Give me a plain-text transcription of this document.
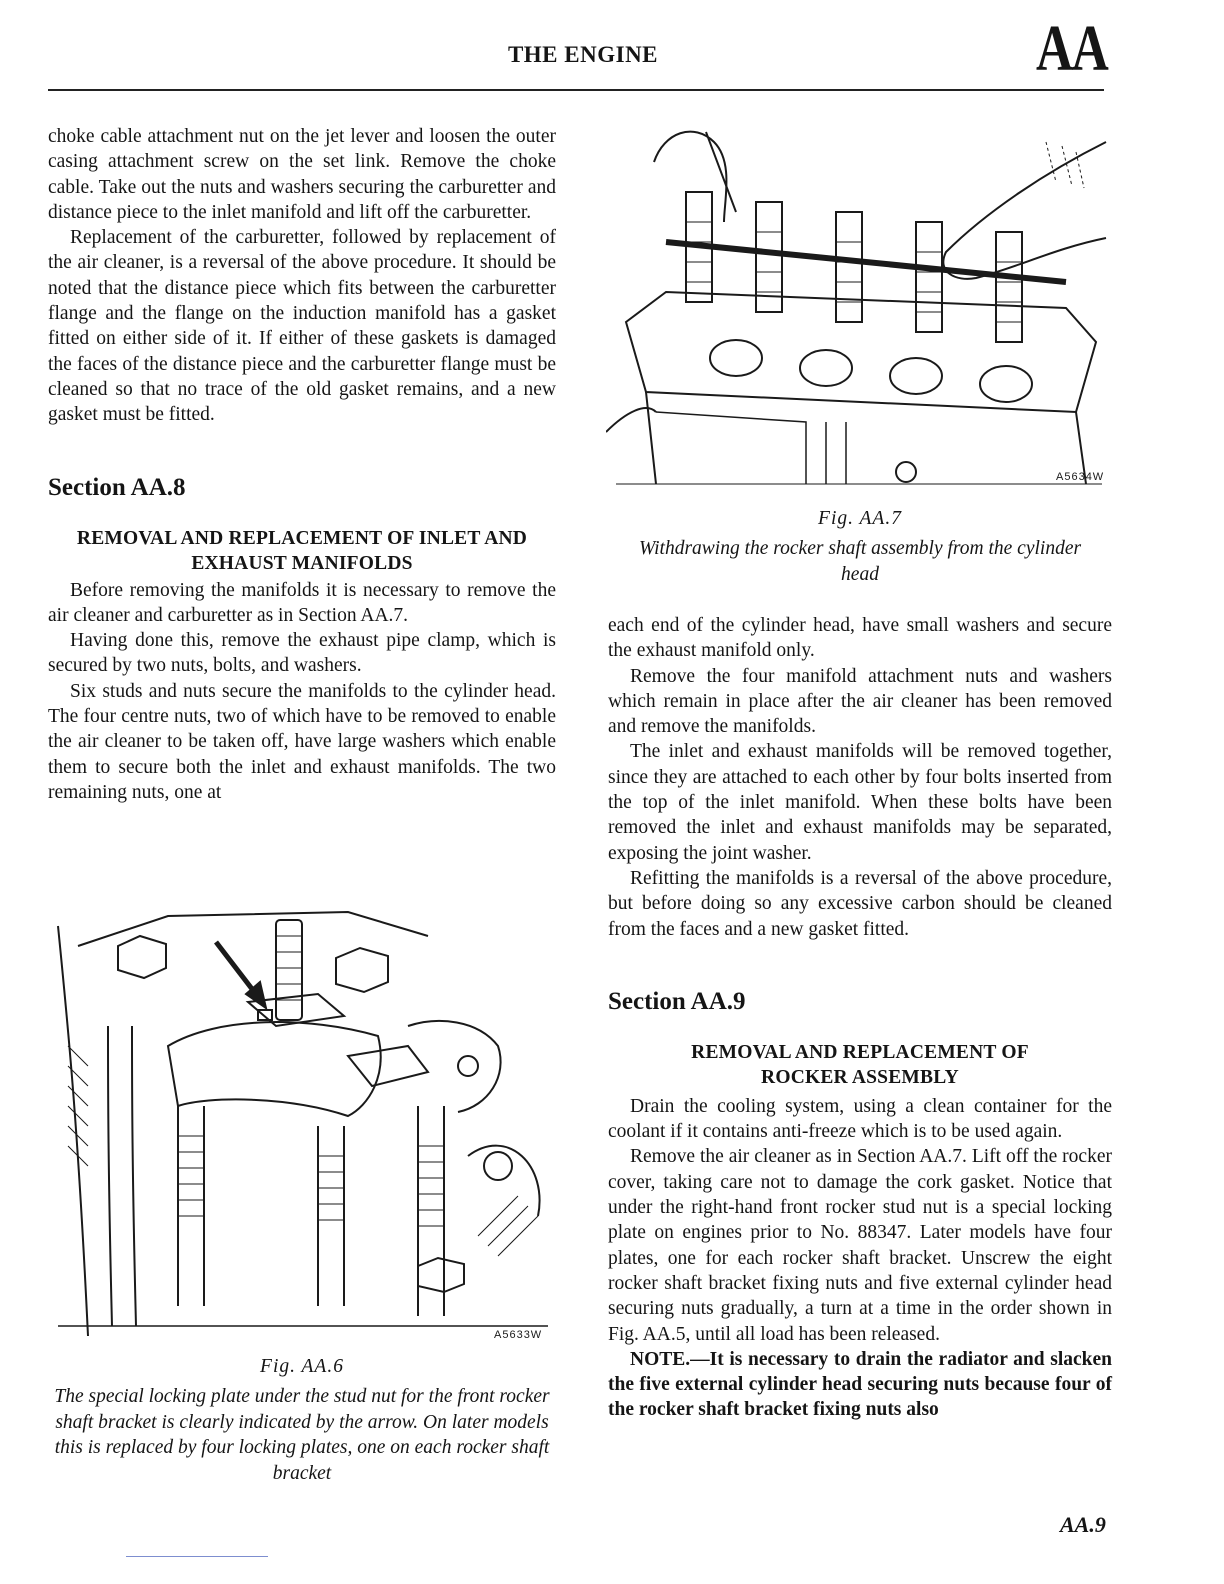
THE ENGINE	AA

choke cable attachment nut on the jet lever and loosen the outer casing attachment screw on the set link. Remove the choke cable. Take out the nuts and washers securing the carburetter and distance piece to the inlet manifold and lift off the carburetter.

Replacement of the carburetter, followed by replacement of the air cleaner, is a reversal of the above procedure. It should be noted that the distance piece which fits between the carburetter flange and the flange on the induction manifold has a gasket fitted on either side of it. If either of these gaskets is damaged the faces of the distance piece and the carburetter flange must be cleaned so that no trace of the old gasket remains, and a new gasket must be fitted.

Section AA.8
REMOVAL AND REPLACEMENT OF INLET AND EXHAUST MANIFOLDS

Before removing the manifolds it is necessary to remove the air cleaner and carburetter as in Section AA.7.

Having done this, remove the exhaust pipe clamp, which is secured by two nuts, bolts, and washers.

Six studs and nuts secure the manifolds to the cylinder head. The four centre nuts, two of which have to be removed to enable the air cleaner to be taken off, have large washers which enable them to secure both the inlet and exhaust manifolds. The two remaining nuts, one at

A5633W

Fig. AA.6

The special locking plate under the stud nut for the front rocker shaft bracket is clearly indicated by the arrow. On later models this is replaced by four locking plates, one on each rocker shaft bracket

A5634W

Fig. AA.7

Withdrawing the rocker shaft assembly from the cylinder head

each end of the cylinder head, have small washers and secure the exhaust manifold only.

Remove the four manifold attachment nuts and washers which remain in place after the air cleaner has been removed and remove the manifolds.

The inlet and exhaust manifolds will be removed together, since they are attached to each other by four bolts inserted from the top of the inlet manifold. When these bolts have been removed the inlet and exhaust manifolds may be separated, exposing the joint washer.

Refitting the manifolds is a reversal of the above procedure, but before doing so any excessive carbon should be cleaned from the faces and a new gasket fitted.

Section AA.9
REMOVAL AND REPLACEMENT OF ROCKER ASSEMBLY

Drain the cooling system, using a clean container for the coolant if it contains anti-freeze which is to be used again.

Remove the air cleaner as in Section AA.7. Lift off the rocker cover, taking care not to damage the cork gasket. Notice that under the right-hand front rocker stud nut is a special locking plate on engines prior to No. 88347. Later models have four plates, one for each rocker shaft bracket. Unscrew the eight rocker shaft bracket fixing nuts and five external cylinder head securing nuts gradually, a turn at a time in the order shown in Fig. AA.5, until all load has been released.

NOTE.—It is necessary to drain the radiator and slacken the five external cylinder head securing nuts because four of the rocker shaft bracket fixing nuts also

AA.9
